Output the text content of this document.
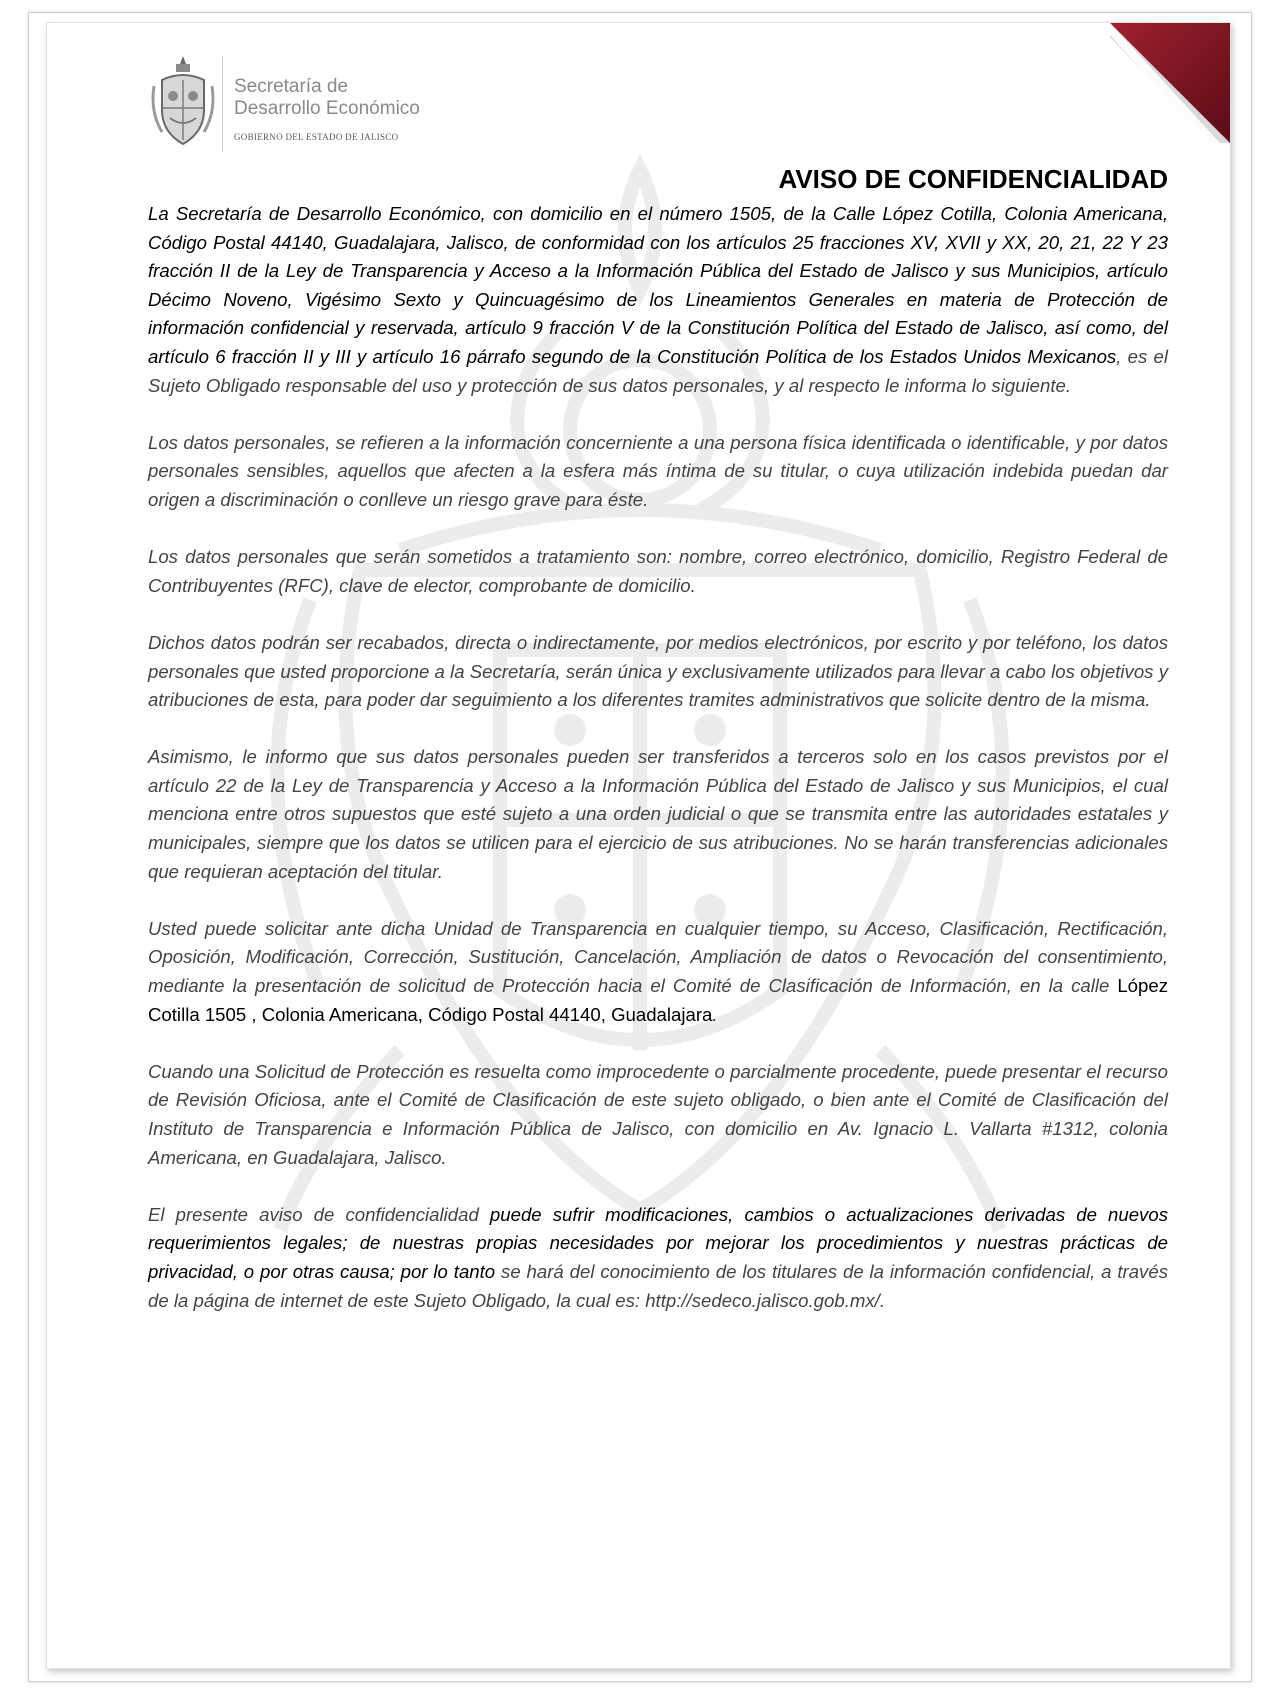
Secretaría de
Desarrollo Económico
GOBIERNO DEL ESTADO DE JALISCO
AVISO DE CONFIDENCIALIDAD

La Secretaría de Desarrollo Económico, con domicilio en el número 1505, de la Calle López Cotilla, Colonia Americana, Código Postal 44140, Guadalajara, Jalisco, de conformidad con los artículos 25 fracciones XV, XVII y XX, 20, 21, 22 Y 23 fracción II de la Ley de Transparencia y Acceso a la Información Pública del Estado de Jalisco y sus Municipios, artículo Décimo Noveno, Vigésimo Sexto y Quincuagésimo de los Lineamientos Generales en materia de Protección de información confidencial y reservada, artículo 9 fracción V de la Constitución Política del Estado de Jalisco, así como, del artículo 6 fracción II y III y artículo 16 párrafo segundo de la Constitución Política de los Estados Unidos Mexicanos, es el Sujeto Obligado responsable del uso y protección de sus datos personales, y al respecto le informa lo siguiente.

Los datos personales, se refieren a la información concerniente a una persona física identificada o identificable, y por datos personales sensibles, aquellos que afecten a la esfera más íntima de su titular, o cuya utilización indebida puedan dar origen a discriminación o conlleve un riesgo grave para éste.

Los datos personales que serán sometidos a tratamiento son: nombre, correo electrónico, domicilio, Registro Federal de Contribuyentes (RFC), clave de elector, comprobante de domicilio.

Dichos datos podrán ser recabados, directa o indirectamente, por medios electrónicos, por escrito y por teléfono, los datos personales que usted proporcione a la Secretaría, serán única y exclusivamente utilizados para llevar a cabo los objetivos y atribuciones de esta, para poder dar seguimiento a los diferentes tramites administrativos que solicite dentro de la misma.

Asimismo, le informo que sus datos personales pueden ser transferidos a terceros solo en los casos previstos por el artículo 22 de la Ley de Transparencia y Acceso a la Información Pública del Estado de Jalisco y sus Municipios, el cual menciona entre otros supuestos que esté sujeto a una orden judicial o que se transmita entre las autoridades estatales y municipales, siempre que los datos se utilicen para el ejercicio de sus atribuciones. No se harán transferencias adicionales que requieran aceptación del titular.

Usted puede solicitar ante dicha Unidad de Transparencia en cualquier tiempo, su Acceso, Clasificación, Rectificación, Oposición, Modificación, Corrección, Sustitución, Cancelación, Ampliación de datos o Revocación del consentimiento, mediante la presentación de solicitud de Protección hacia el Comité de Clasificación de Información, en la calle López Cotilla 1505 , Colonia Americana, Código Postal 44140, Guadalajara.

Cuando una Solicitud de Protección es resuelta como improcedente o parcialmente procedente, puede presentar el recurso de Revisión Oficiosa, ante el Comité de Clasificación de este sujeto obligado, o bien ante el Comité de Clasificación del Instituto de Transparencia e Información Pública de Jalisco, con domicilio en Av. Ignacio L. Vallarta #1312, colonia Americana, en Guadalajara, Jalisco.

El presente aviso de confidencialidad puede sufrir modificaciones, cambios o actualizaciones derivadas de nuevos requerimientos legales; de nuestras propias necesidades por mejorar los procedimientos y nuestras prácticas de privacidad, o por otras causa; por lo tanto se hará del conocimiento de los titulares de la información confidencial, a través de la página de internet de este Sujeto Obligado, la cual es: http://sedeco.jalisco.gob.mx/.
